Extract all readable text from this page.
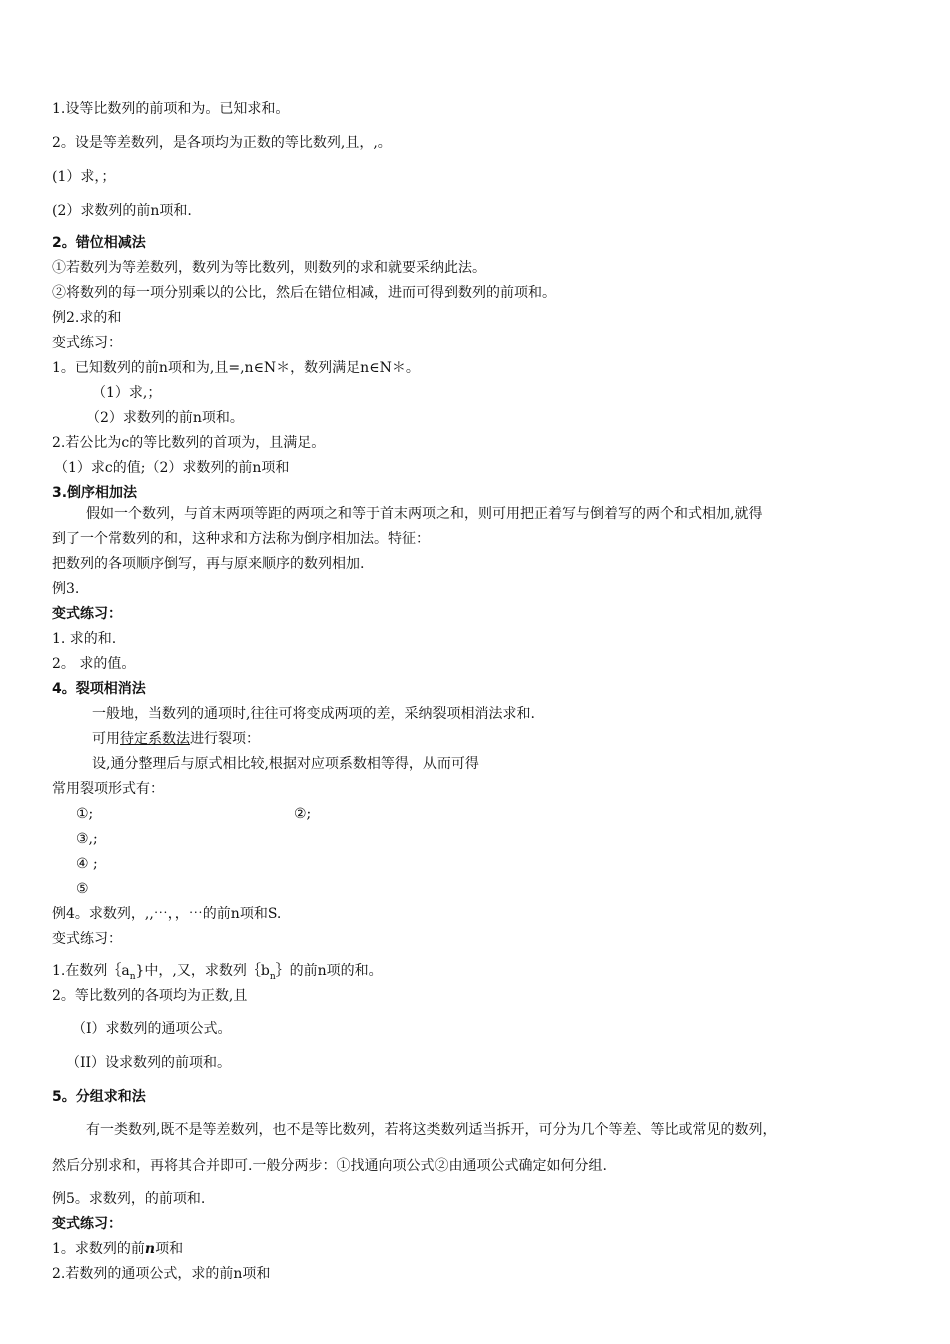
1.设等比数列的前项和为。已知求和。
2。设是等差数列，是各项均为正数的等比数列,且，,。
(1）求，；
(2）求数列的前n项和.
2。错位相减法
①若数列为等差数列，数列为等比数列，则数列的求和就要采纳此法。
②将数列的每一项分别乘以的公比，然后在错位相减，进而可得到数列的前项和。
例2.求的和
变式练习：
1。已知数列的前n项和为,且=,n∈N＊，数列满足n∈N＊。
（1）求,；
（2）求数列的前n项和。
2.若公比为c的等比数列的首项为，且满足。
（1）求c的值;（2）求数列的前n项和
3.倒序相加法
假如一个数列，与首末两项等距的两项之和等于首末两项之和，则可用把正着写与倒着写的两个和式相加,就得
到了一个常数列的和，这种求和方法称为倒序相加法。特征：
把数列的各项顺序倒写，再与原来顺序的数列相加.
例3.
变式练习：
1. 求的和.
2。 求的值。
4。裂项相消法
一般地，当数列的通项时,往往可将变成两项的差，采纳裂项相消法求和.
可用待定系数法进行裂项：
设,通分整理后与原式相比较,根据对应项系数相等得，从而可得
常用裂项形式有：
①;	②;
③,;
④ ;
⑤
例4。求数列，,,⋯，，⋯的前n项和S.
变式练习：
1.在数列$\{a_n$}中，,又，求数列$\{b_n\}$的前n项的和。
2。等比数列的各项均为正数,且
（I）求数列的通项公式。
（II）设求数列的前项和。
5。分组求和法
有一类数列,既不是等差数列，也不是等比数列，若将这类数列适当拆开，可分为几个等差、等比或常见的数列，
然后分别求和，再将其合并即可.一般分两步：①找通向项公式②由通项公式确定如何分组.
例5。求数列，的前项和.
变式练习：
1。求数列的前n项和
2.若数列的通项公式，求的前n项和
